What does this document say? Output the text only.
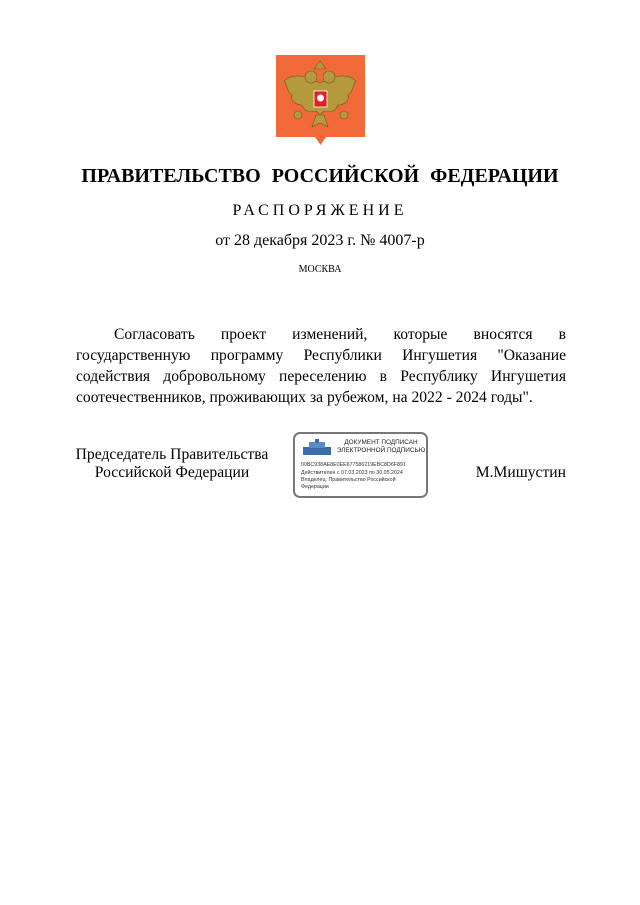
ПРАВИТЕЛЬСТВО РОССИЙСКОЙ ФЕДЕРАЦИИ
РАСПОРЯЖЕНИЕ
от 28 декабря 2023 г. № 4007-р
МОСКВА
Согласовать проект изменений, которые вносятся в государственную программу Республики Ингушетия "Оказание содействия добровольному переселению в Республику Ингушетия соотечественников, проживающих за рубежом, на 2022 - 2024 годы".
Председатель Правительства
Российской Федерации
ДОКУМЕНТ ПОДПИСАН
ЭЛЕКТРОННОЙ ПОДПИСЬЮ
00BC938AE8E0EE677586219EBC8D6F891
Действителен с 07.03.2023 по 30.05.2024
Владелец: Правительство Российской
Федерации
М.Мишустин
